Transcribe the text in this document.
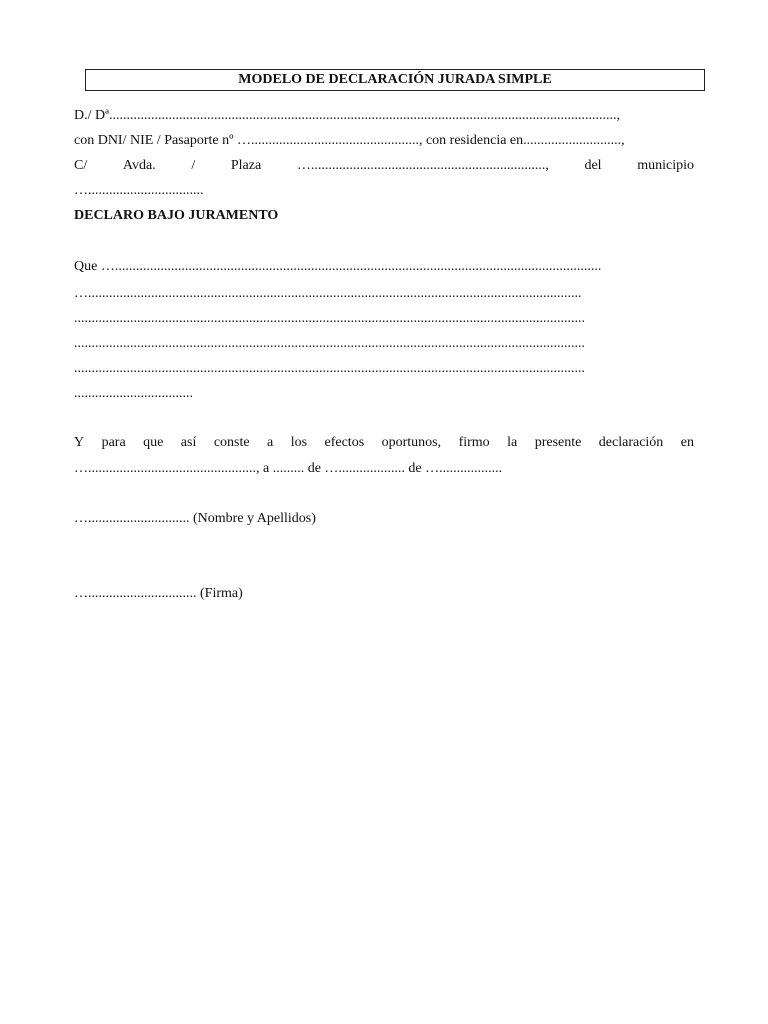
MODELO DE DECLARACIÓN JURADA SIMPLE
D./ Dª.................................................................................................................................................,
con DNI/ NIE / Pasaporte nº …................................................, con residencia en............................,
C/	Avda.	/	Plaza	…...................................................................,	del	municipio
….................................
DECLARO BAJO JURAMENTO
Que …...........................................................................................................................................
….............................................................................................................................................
..................................................................................................................................................
..................................................................................................................................................
..................................................................................................................................................
..................................
Y para que así conste a los efectos oportunos, firmo la presente declaración en
…................................................, a ......... de …................... de …..................
…............................. (Nombre y Apellidos)
…............................... (Firma)
